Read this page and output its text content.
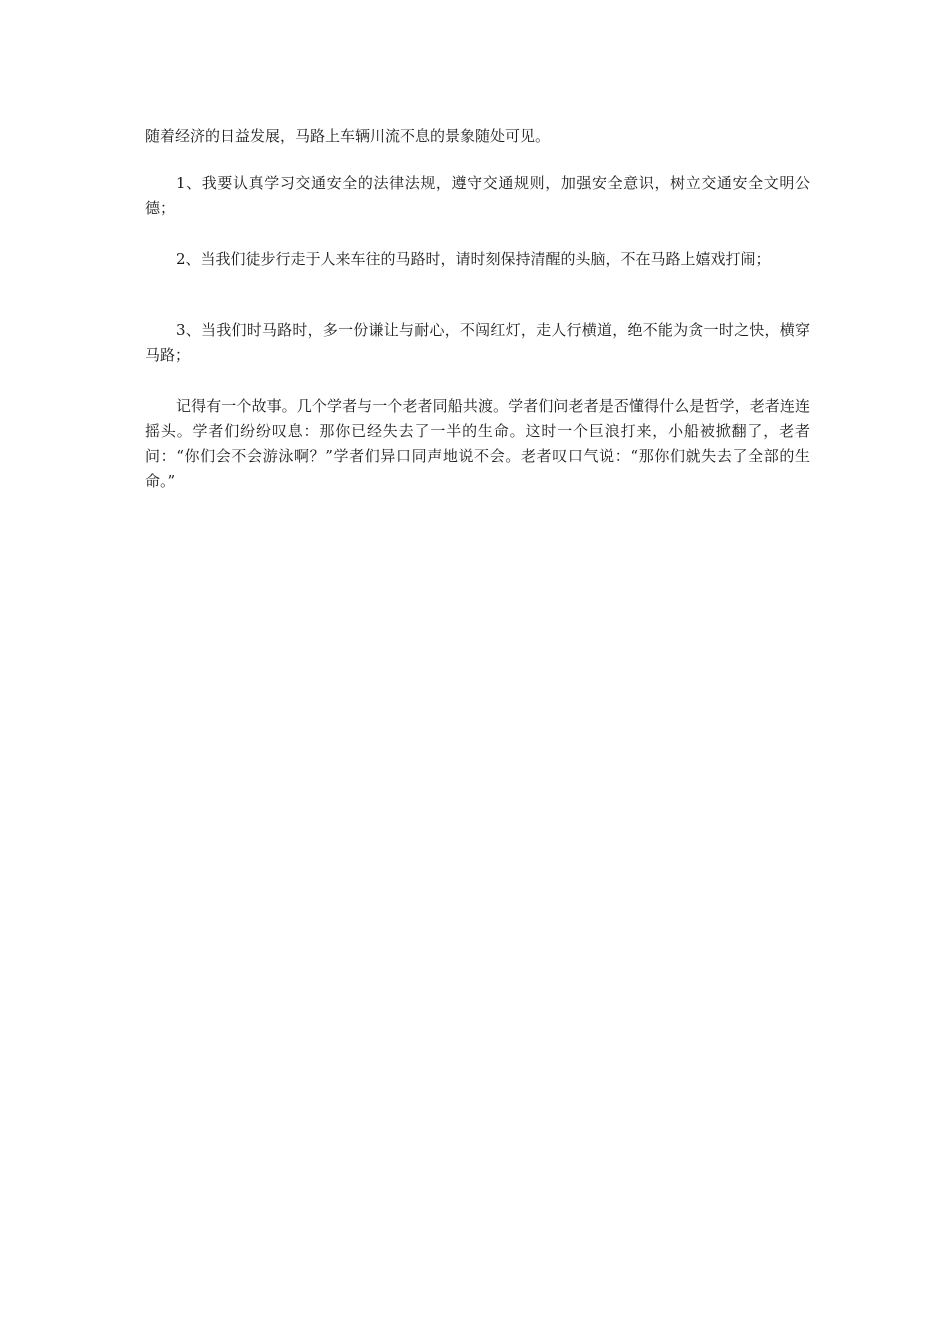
随着经济的日益发展，马路上车辆川流不息的景象随处可见。

1、我要认真学习交通安全的法律法规，遵守交通规则，加强安全意识，树立交通安全文明公德；

2、当我们徒步行走于人来车往的马路时，请时刻保持清醒的头脑，不在马路上嬉戏打闹；

3、当我们时马路时，多一份谦让与耐心，不闯红灯，走人行横道，绝不能为贪一时之快，横穿马路；

记得有一个故事。几个学者与一个老者同船共渡。学者们问老者是否懂得什么是哲学，老者连连摇头。学者们纷纷叹息：那你已经失去了一半的生命。这时一个巨浪打来，小船被掀翻了，老者问：“你们会不会游泳啊？”学者们异口同声地说不会。老者叹口气说：“那你们就失去了全部的生命。”
